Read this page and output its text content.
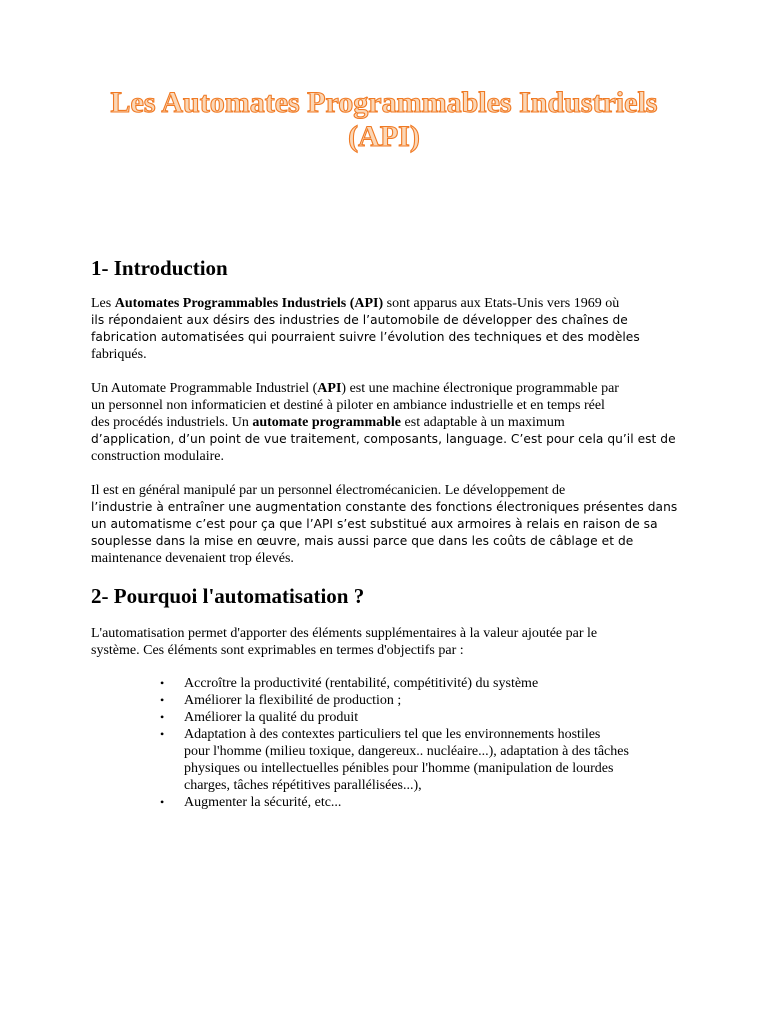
Les Automates Programmables Industriels
(API)
1- Introduction

Les Automates Programmables Industriels (API) sont apparus aux Etats-Unis vers 1969 où
ils répondaient aux désirs des industries de l’automobile de développer des chaînes de
fabrication automatisées qui pourraient suivre l’évolution des techniques et des modèles
fabriqués.

Un Automate Programmable Industriel (API) est une machine électronique programmable par
un personnel non informaticien et destiné à piloter en ambiance industrielle et en temps réel
des procédés industriels. Un automate programmable est adaptable à un maximum
d’application, d’un point de vue traitement, composants, language. C’est pour cela qu’il est de
construction modulaire.

Il est en général manipulé par un personnel électromécanicien. Le développement de
l’industrie à entraîner une augmentation constante des fonctions électroniques présentes dans
un automatisme c’est pour ça que l’API s’est substitué aux armoires à relais en raison de sa
souplesse dans la mise en œuvre, mais aussi parce que dans les coûts de câblage et de
maintenance devenaient trop élevés.

2- Pourquoi l'automatisation ?

L'automatisation permet d'apporter des éléments supplémentaires à la valeur ajoutée par le
système. Ces éléments sont exprimables en termes d'objectifs par :

• Accroître la productivité (rentabilité, compétitivité) du système
• Améliorer la flexibilité de production ;
• Améliorer la qualité du produit
• Adaptation à des contextes particuliers tel que les environnements hostiles
pour l'homme (milieu toxique, dangereux.. nucléaire...), adaptation à des tâches
physiques ou intellectuelles pénibles pour l'homme (manipulation de lourdes
charges, tâches répétitives parallélisées...),
• Augmenter la sécurité, etc...
